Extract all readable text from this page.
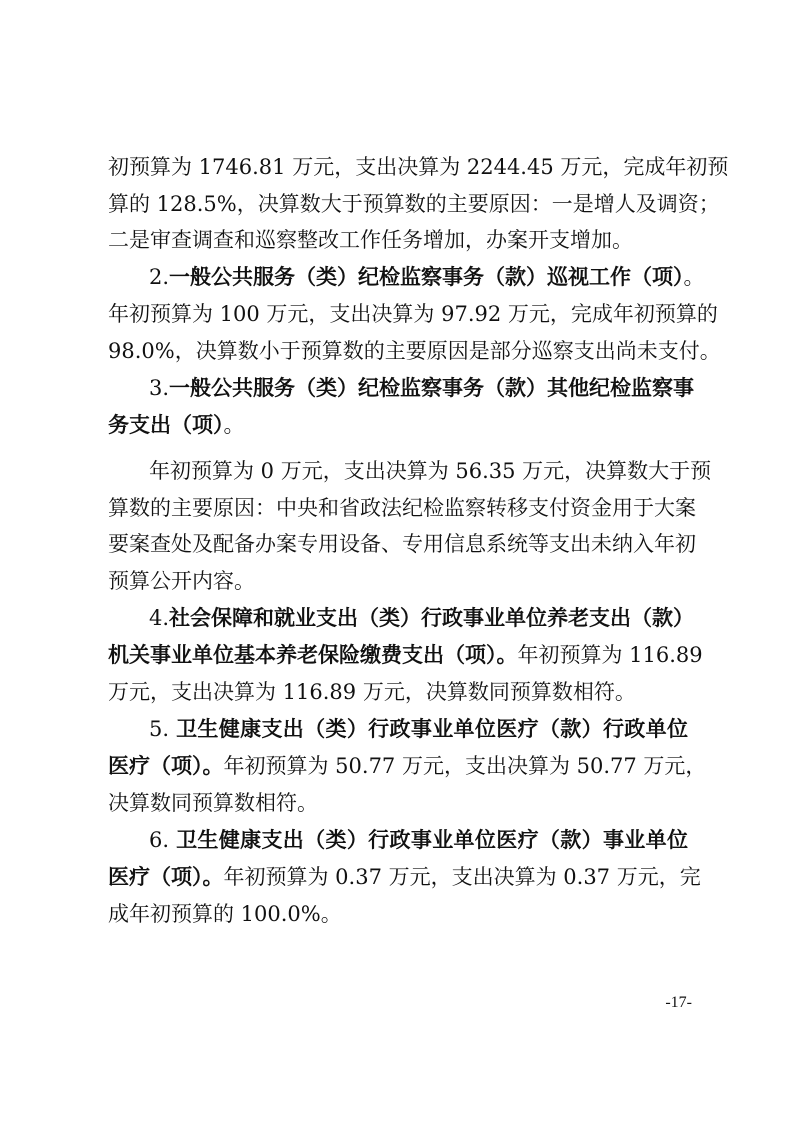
初预算为 1746.81 万元，支出决算为 2244.45 万元，完成年初预
算的 128.5%，决算数大于预算数的主要原因：一是增人及调资；
二是审查调查和巡察整改工作任务增加，办案开支增加。
2.一般公共服务（类）纪检监察事务（款）巡视工作（项）。
年初预算为 100 万元，支出决算为 97.92 万元，完成年初预算的
98.0%，决算数小于预算数的主要原因是部分巡察支出尚未支付。
3.一般公共服务（类）纪检监察事务（款）其他纪检监察事
务支出（项）。
年初预算为 0 万元，支出决算为 56.35 万元，决算数大于预
算数的主要原因：中央和省政法纪检监察转移支付资金用于大案
要案查处及配备办案专用设备、专用信息系统等支出未纳入年初
预算公开内容。
4.社会保障和就业支出（类）行政事业单位养老支出（款）
机关事业单位基本养老保险缴费支出（项）。年初预算为 116.89
万元，支出决算为 116.89 万元，决算数同预算数相符。
5. 卫生健康支出（类）行政事业单位医疗（款）行政单位
医疗（项）。年初预算为 50.77 万元，支出决算为 50.77 万元，
决算数同预算数相符。
6. 卫生健康支出（类）行政事业单位医疗（款）事业单位
医疗（项）。年初预算为 0.37 万元，支出决算为 0.37 万元，完
成年初预算的 100.0%。
-17-
